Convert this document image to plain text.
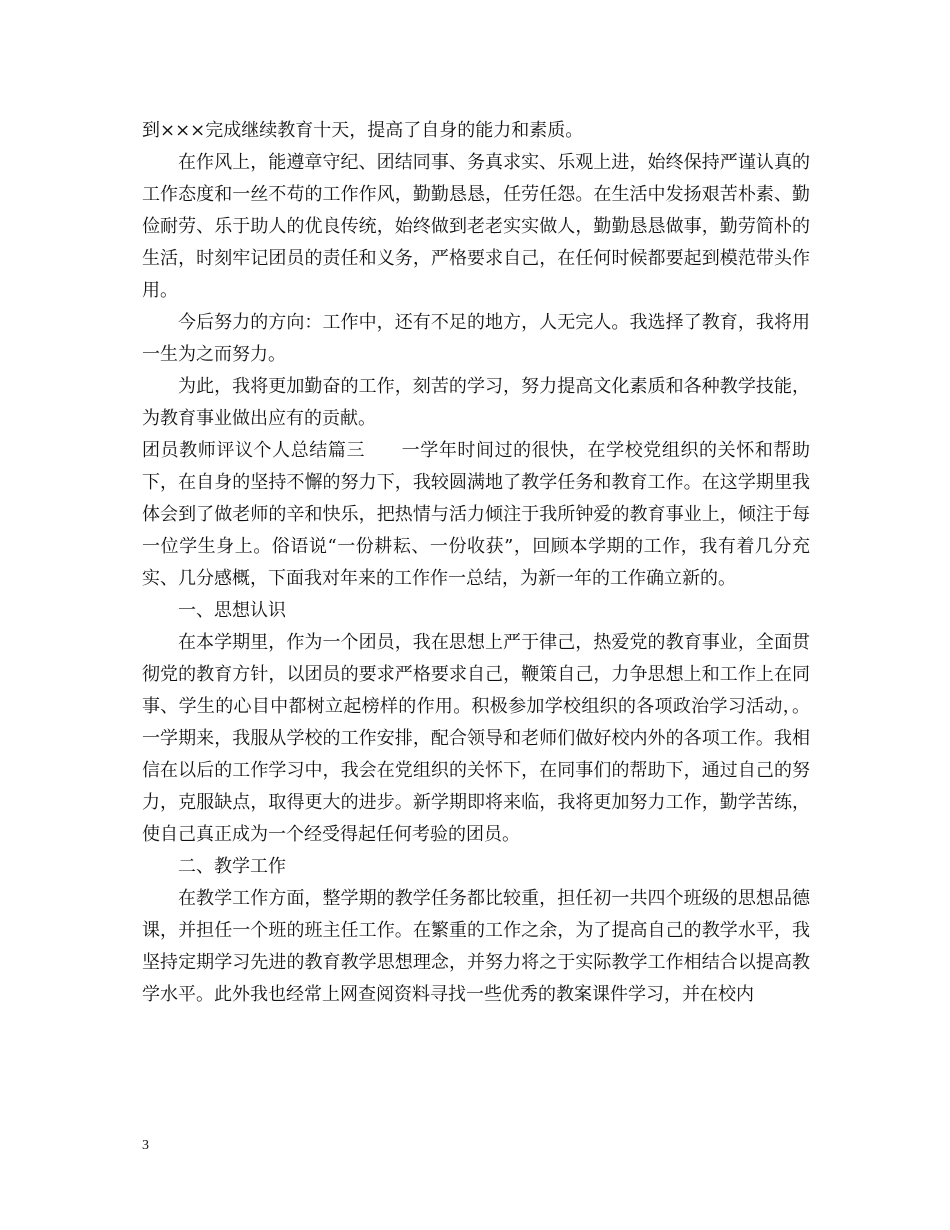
到×××完成继续教育十天，提高了自身的能力和素质。

在作风上，能遵章守纪、团结同事、务真求实、乐观上进，始终保持严谨认真的工作态度和一丝不苟的工作作风，勤勤恳恳，任劳任怨。在生活中发扬艰苦朴素、勤俭耐劳、乐于助人的优良传统，始终做到老老实实做人，勤勤恳恳做事，勤劳简朴的生活，时刻牢记团员的责任和义务，严格要求自己，在任何时候都要起到模范带头作用。

今后努力的方向：工作中，还有不足的地方，人无完人。我选择了教育，我将用一生为之而努力。

为此，我将更加勤奋的工作，刻苦的学习，努力提高文化素质和各种教学技能，为教育事业做出应有的贡献。

团员教师评议个人总结篇三 一学年时间过的很快，在学校党组织的关怀和帮助下，在自身的坚持不懈的努力下，我较圆满地了教学任务和教育工作。在这学期里我体会到了做老师的辛和快乐，把热情与活力倾注于我所钟爱的教育事业上，倾注于每一位学生身上。俗语说“一份耕耘、一份收获”，回顾本学期的工作，我有着几分充实、几分感概，下面我对年来的工作作一总结，为新一年的工作确立新的。

一、思想认识

在本学期里，作为一个团员，我在思想上严于律己，热爱党的教育事业，全面贯彻党的教育方针，以团员的要求严格要求自己，鞭策自己，力争思想上和工作上在同事、学生的心目中都树立起榜样的作用。积极参加学校组织的各项政治学习活动，。一学期来，我服从学校的工作安排，配合领导和老师们做好校内外的各项工作。我相信在以后的工作学习中，我会在党组织的关怀下，在同事们的帮助下，通过自己的努力，克服缺点，取得更大的进步。新学期即将来临，我将更加努力工作，勤学苦练，使自己真正成为一个经受得起任何考验的团员。

二、教学工作

在教学工作方面，整学期的教学任务都比较重，担任初一共四个班级的思想品德课，并担任一个班的班主任工作。在繁重的工作之余，为了提高自己的教学水平，我坚持定期学习先进的教育教学思想理念，并努力将之于实际教学工作相结合以提高教学水平。此外我也经常上网查阅资料寻找一些优秀的教案课件学习，并在校内

3
